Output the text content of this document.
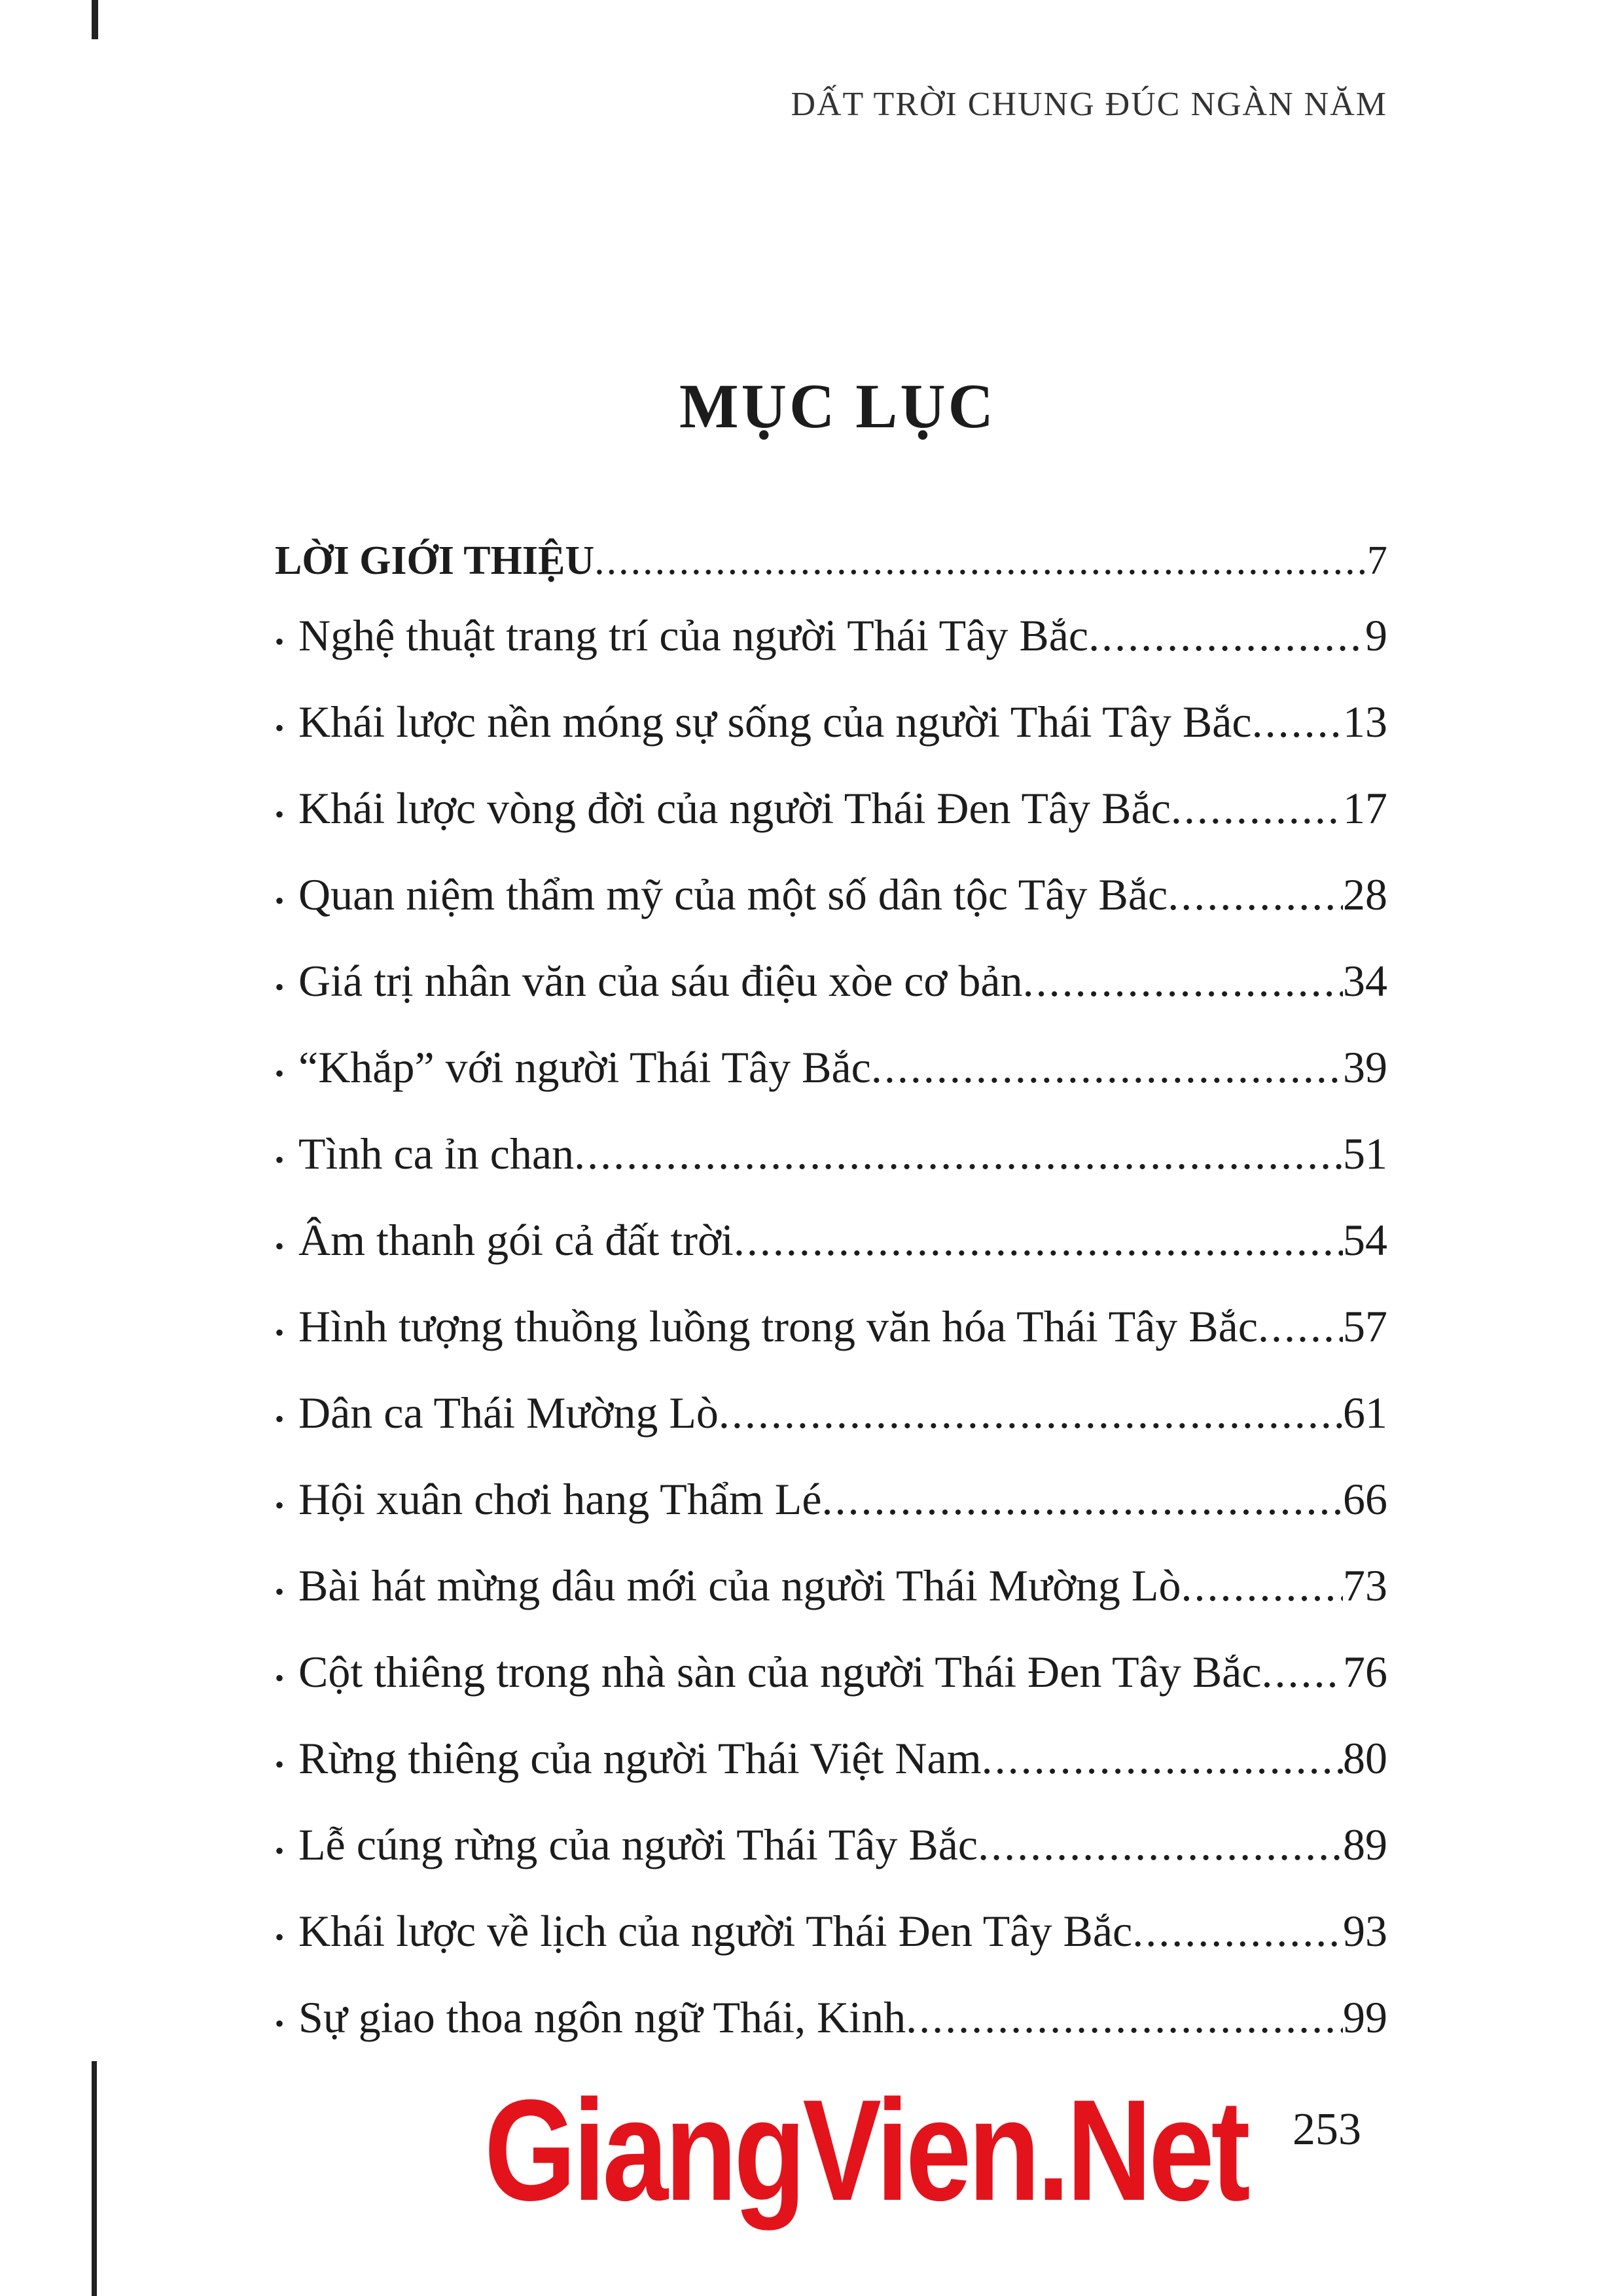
DẤT TRỜI CHUNG ĐÚC NGÀN NĂM
MỤC LỤC
LỜI GIỚI THIỆU .....	7
• Nghệ thuật trang trí của người Thái Tây Bắc .....	9
• Khái lược nền móng sự sống của người Thái Tây Bắc ..... 13
• Khái lược vòng đời của người Thái Đen Tây Bắc .....	17
• Quan niệm thẩm mỹ của một số dân tộc Tây Bắc .....	28
• Giá trị nhân văn của sáu điệu xòe cơ bản .....	34
• “Khắp” với người Thái Tây Bắc .....	39
• Tình ca ỉn chan .....	51
• Âm thanh gói cả đất trời .....	54
• Hình tượng thuồng luồng trong văn hóa Thái Tây Bắc ..... 57
• Dân ca Thái Mường Lò .....	61
• Hội xuân chơi hang Thẩm Lé .....	66
• Bài hát mừng dâu mới của người Thái Mường Lò .....	73
• Cột thiêng trong nhà sàn của người Thái Đen Tây Bắc ..... 76
• Rừng thiêng của người Thái Việt Nam .....	80
• Lễ cúng rừng của người Thái Tây Bắc .....	89
• Khái lược về lịch của người Thái Đen Tây Bắc .....	93
• Sự giao thoa ngôn ngữ Thái, Kinh .....	99
GiangVien.Net 253
